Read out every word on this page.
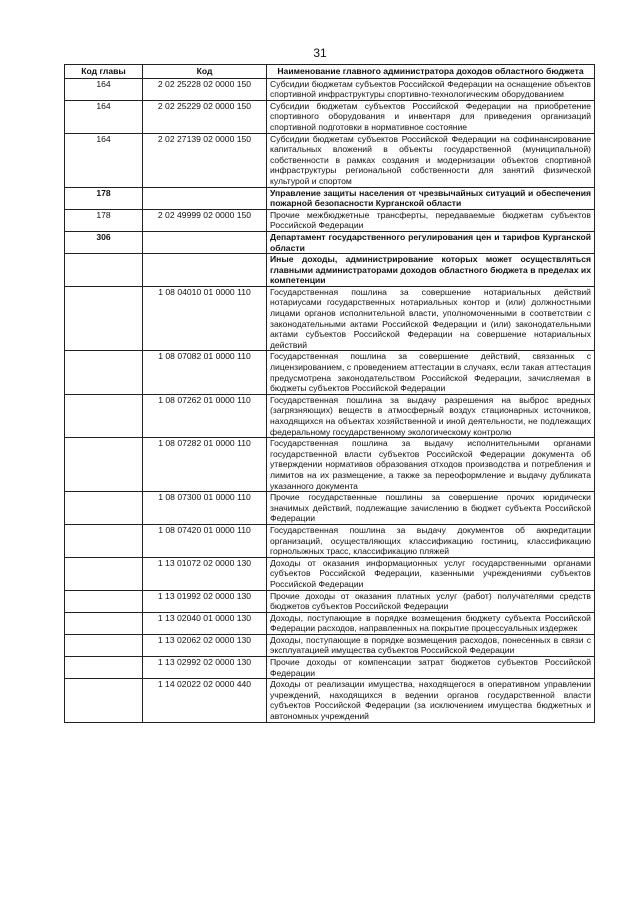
31
Код главы	Код	Наименование главного администратора доходов областного бюджета
164	2 02 25228 02 0000 150	Субсидии бюджетам субъектов Российской Федерации на оснащение объектов спортивной инфраструктуры спортивно-технологическим оборудованием
164	2 02 25229 02 0000 150	Субсидии бюджетам субъектов Российской Федерации на приобретение спортивного оборудования и инвентаря для приведения организаций спортивной подготовки в нормативное состояние
164	2 02 27139 02 0000 150	Субсидии бюджетам субъектов Российской Федерации на софинансирование капитальных вложений в объекты государственной (муниципальной) собственности в рамках создания и модернизации объектов спортивной инфраструктуры региональной собственности для занятий физической культурой и спортом
178		Управление защиты населения от чрезвычайных ситуаций и обеспечения пожарной безопасности Курганской области
178	2 02 49999 02 0000 150	Прочие межбюджетные трансферты, передаваемые бюджетам субъектов Российской Федерации
306		Департамент государственного регулирования цен и тарифов Курганской области
		Иные доходы, администрирование которых может осуществляться главными администраторами доходов областного бюджета в пределах их компетенции
	1 08 04010 01 0000 110	Государственная пошлина за совершение нотариальных действий нотариусами государственных нотариальных контор и (или) должностными лицами органов исполнительной власти, уполномоченными в соответствии с законодательными актами Российской Федерации и (или) законодательными актами субъектов Российской Федерации на совершение нотариальных действий
	1 08 07082 01 0000 110	Государственная пошлина за совершение действий, связанных с лицензированием, с проведением аттестации в случаях, если такая аттестация предусмотрена законодательством Российской Федерации, зачисляемая в бюджеты субъектов Российской Федерации
	1 08 07262 01 0000 110	Государственная пошлина за выдачу разрешения на выброс вредных (загрязняющих) веществ в атмосферный воздух стационарных источников, находящихся на объектах хозяйственной и иной деятельности, не подлежащих федеральному государственному экологическому контролю
	1 08 07282 01 0000 110	Государственная пошлина за выдачу исполнительными органами государственной власти субъектов Российской Федерации документа об утверждении нормативов образования отходов производства и потребления и лимитов на их размещение, а также за переоформление и выдачу дубликата указанного документа
	1 08 07300 01 0000 110	Прочие государственные пошлины за совершение прочих юридически значимых действий, подлежащие зачислению в бюджет субъекта Российской Федерации
	1 08 07420 01 0000 110	Государственная пошлина за выдачу документов об аккредитации организаций, осуществляющих классификацию гостиниц, классификацию горнолыжных трасс, классификацию пляжей
	1 13 01072 02 0000 130	Доходы от оказания информационных услуг государственными органами субъектов Российской Федерации, казенными учреждениями субъектов Российской Федерации
	1 13 01992 02 0000 130	Прочие доходы от оказания платных услуг (работ) получателями средств бюджетов субъектов Российской Федерации
	1 13 02040 01 0000 130	Доходы, поступающие в порядке возмещения бюджету субъекта Российской Федерации расходов, направленных на покрытие процессуальных издержек
	1 13 02062 02 0000 130	Доходы, поступающие в порядке возмещения расходов, понесенных в связи с эксплуатацией имущества субъектов Российской Федерации
	1 13 02992 02 0000 130	Прочие доходы от компенсации затрат бюджетов субъектов Российской Федерации
	1 14 02022 02 0000 440	Доходы от реализации имущества, находящегося в оперативном управлении учреждений, находящихся в ведении органов государственной власти субъектов Российской Федерации (за исключением имущества бюджетных и автономных учреждений
